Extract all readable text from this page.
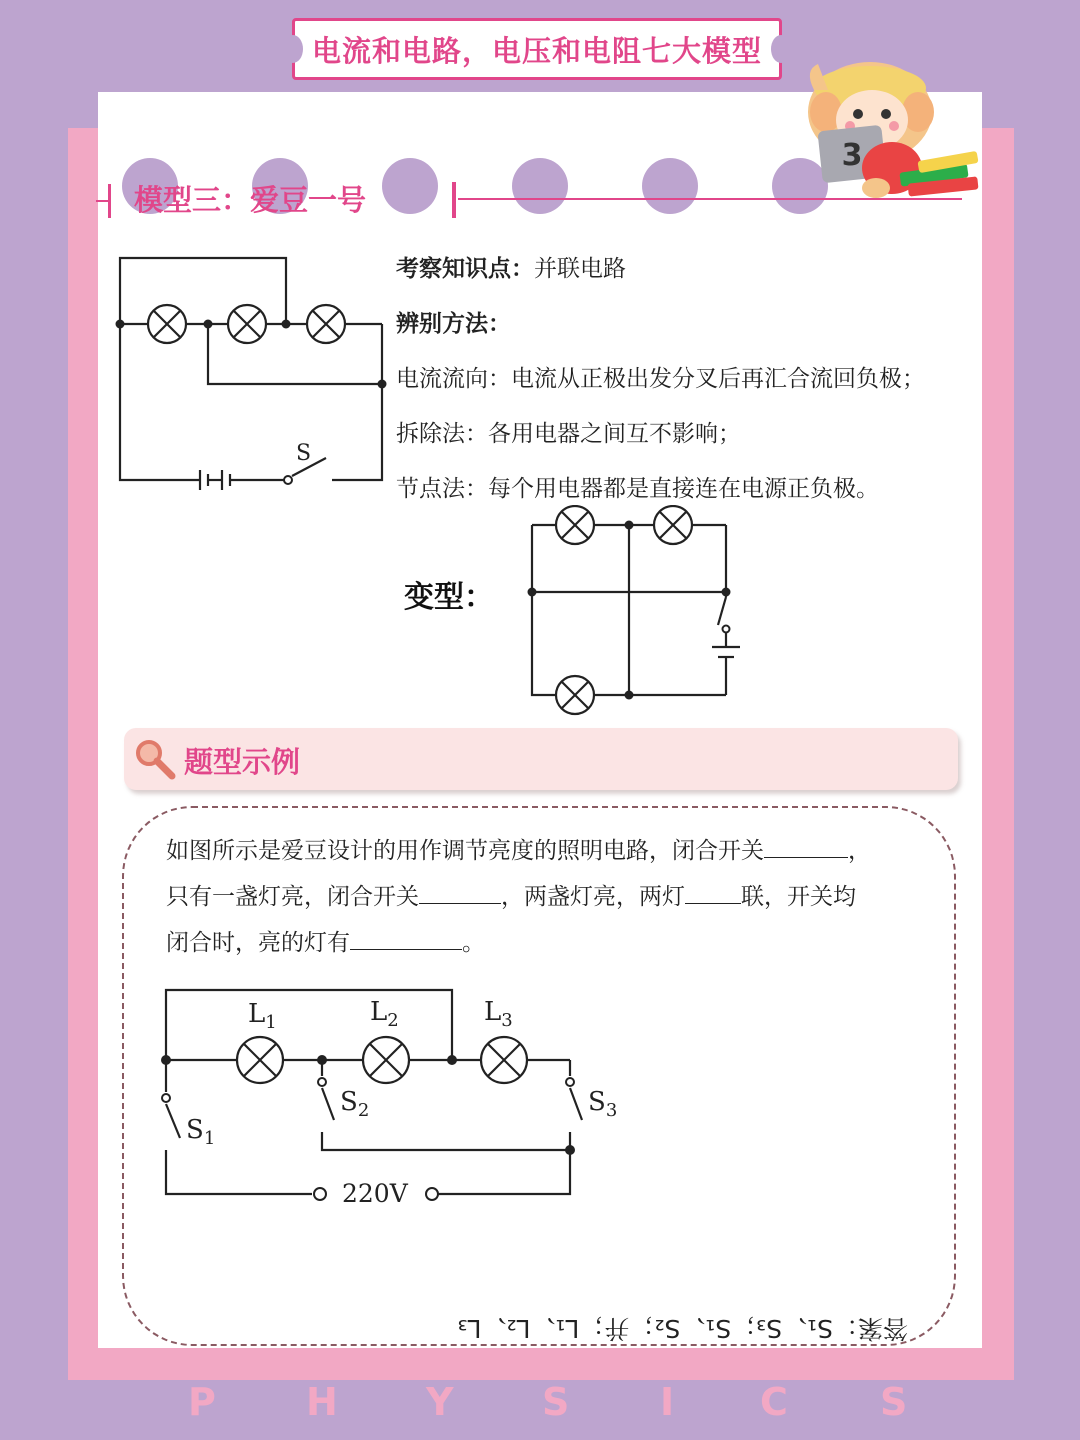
电流和电路，电压和电阻七大模型
3
模型三：爱豆一号
S
考察知识点：并联电路
辨别方法：
电流流向：电流从正极出发分叉后再汇合流回负极；
拆除法：各用电器之间互不影响；
节点法：每个用电器都是直接连在电源正负极。
变型：
题型示例
如图所示是爱豆设计的用作调节亮度的照明电路，闭合开关	，
只有一盏灯亮，闭合开关	，两盏灯亮，两灯 联，开关均
闭合时，亮的灯有	。
$L_1$	$L_2$	$L_3$
$S_1$
$S_2$	$S_3$
220V
答案：S₁、S₃；S₁、S₂；并；L₁、L₂、L₃
P H Y S I C S
